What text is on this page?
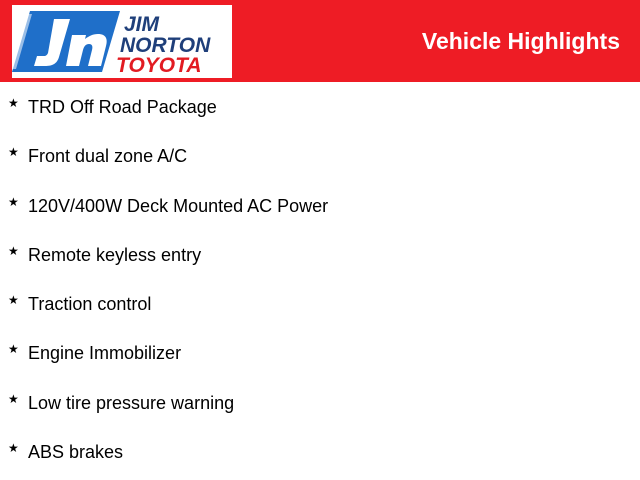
JIM
NORTON
TOYOTA
Vehicle Highlights
★ TRD Off Road Package
★ Front dual zone A/C
★ 120V/400W Deck Mounted AC Power
★ Remote keyless entry
★ Traction control
★ Engine Immobilizer
★ Low tire pressure warning
★ ABS brakes
